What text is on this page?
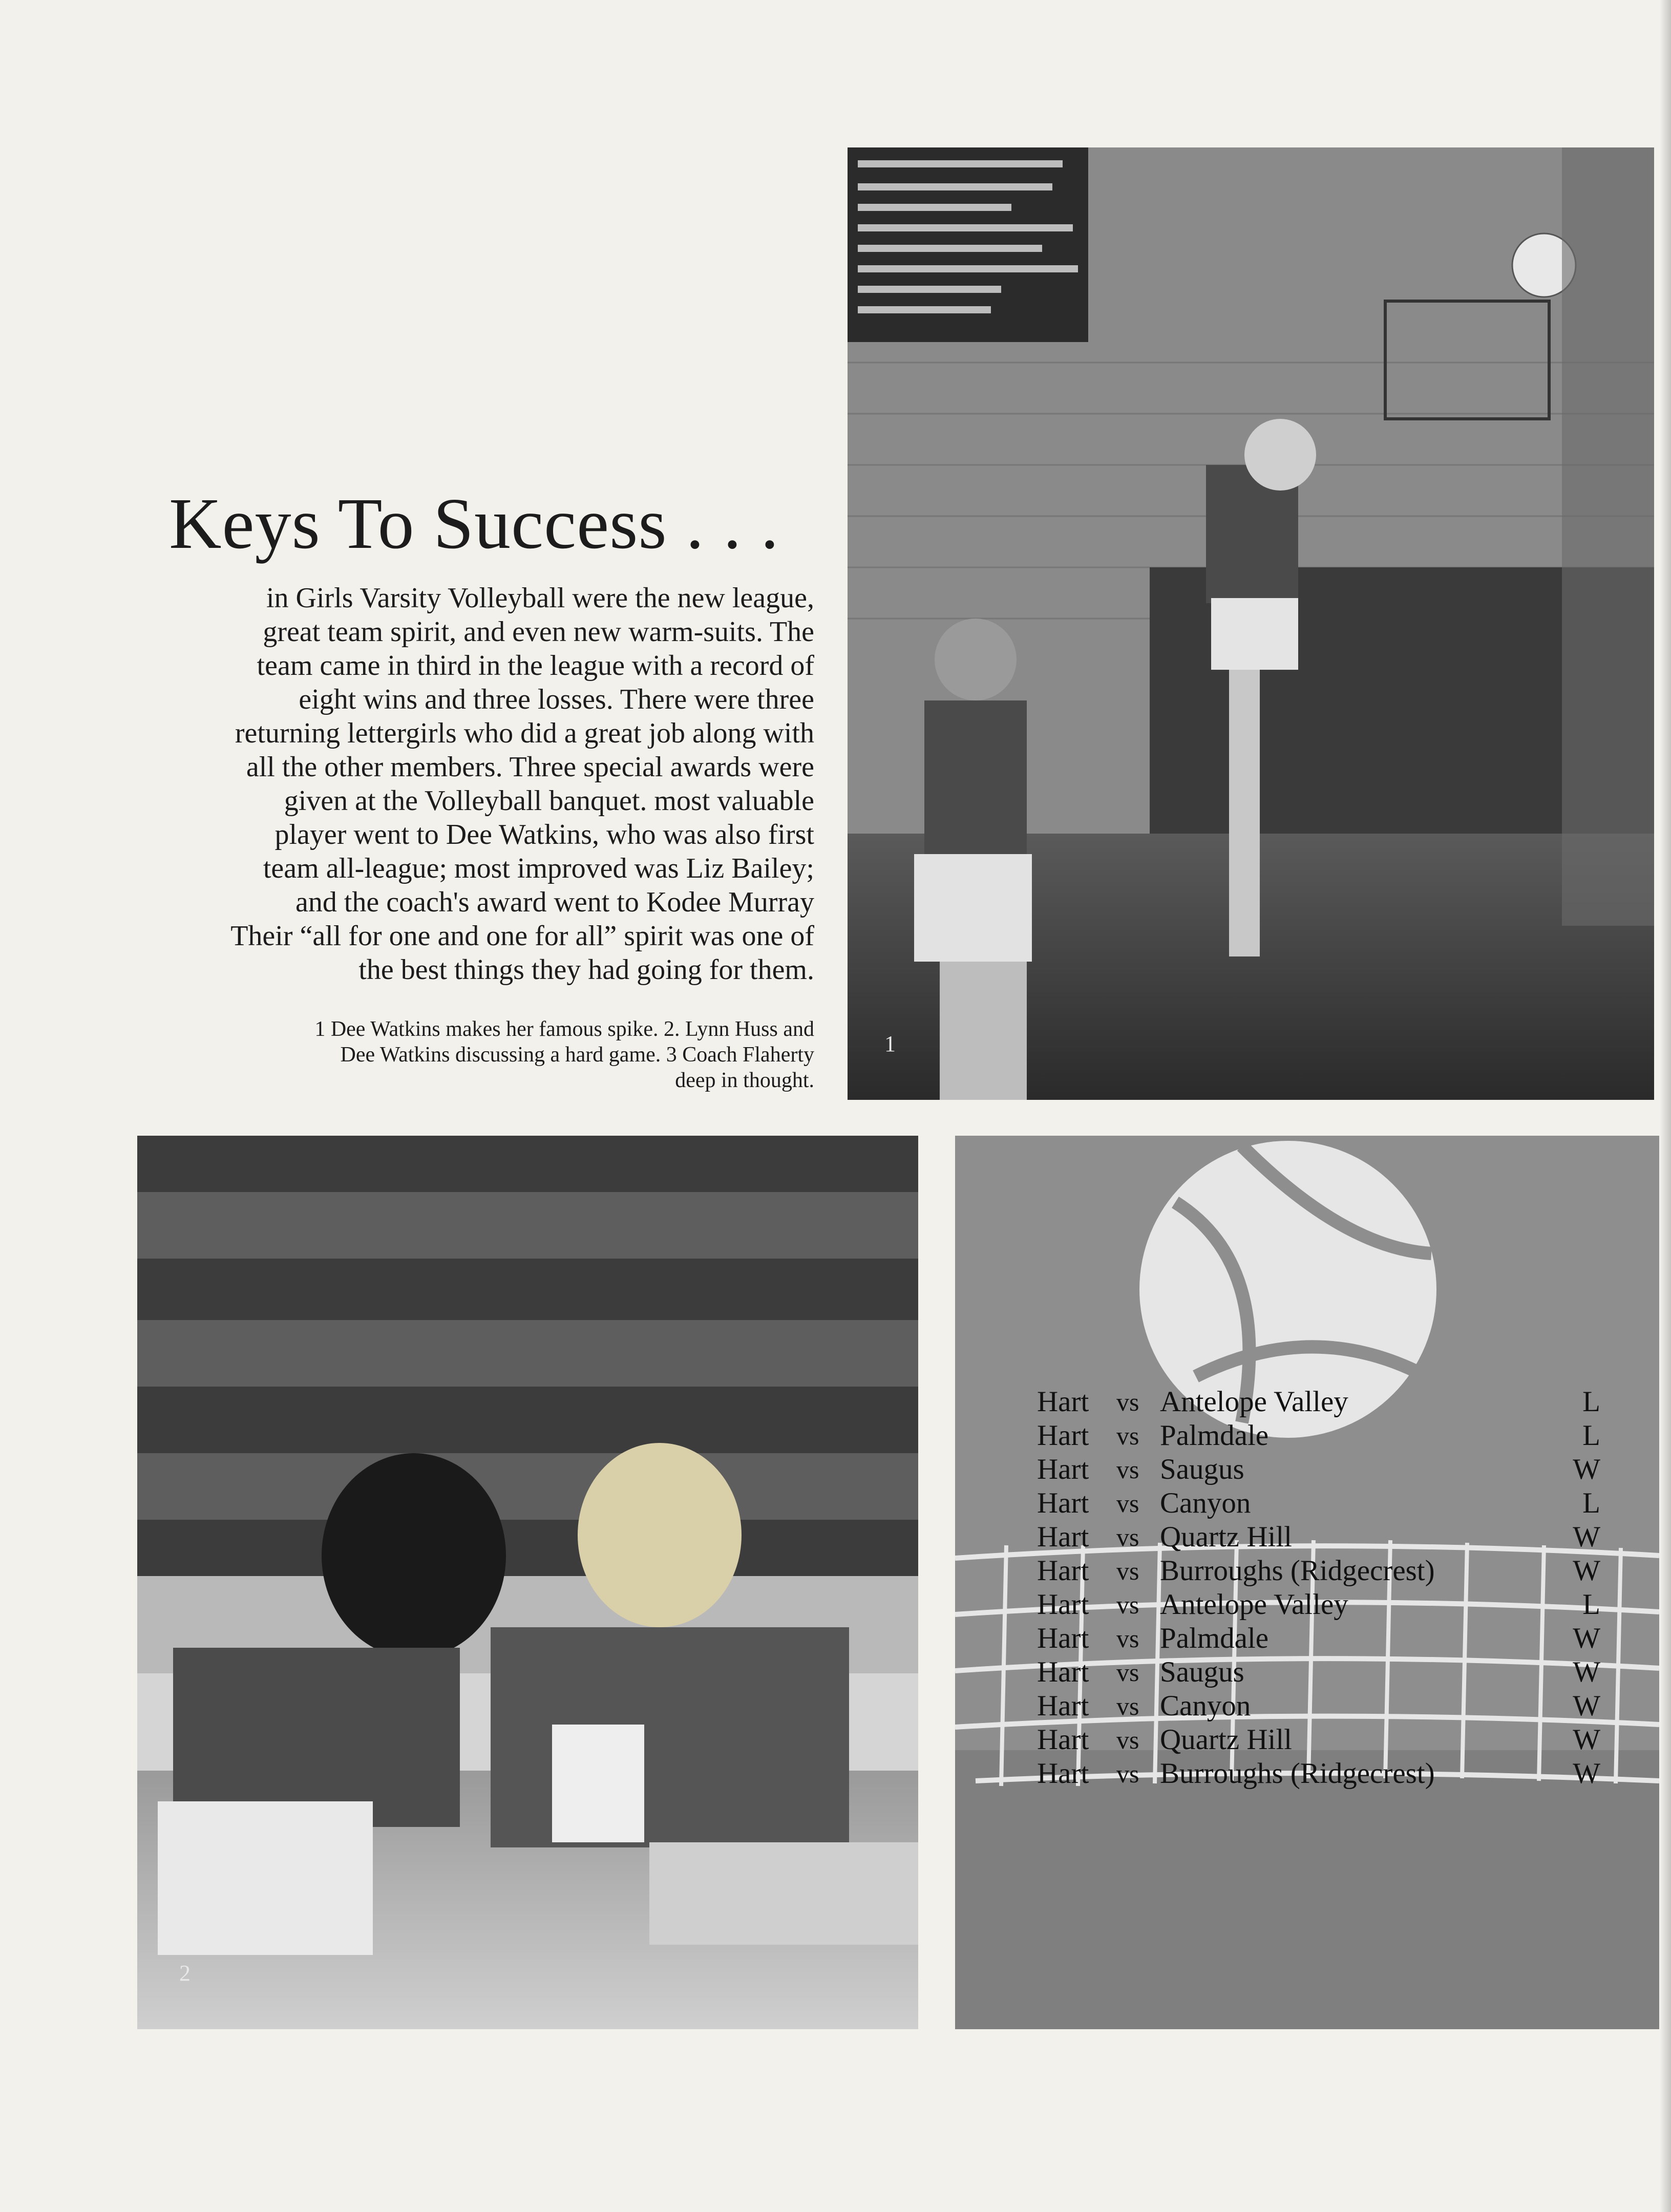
Keys To Success . . .

in Girls Varsity Volleyball were the new league,

great team spirit, and even new warm-suits. The

team came in third in the league with a record of

eight wins and three losses. There were three

returning lettergirls who did a great job along with

all the other members. Three special awards were

given at the Volleyball banquet. most valuable

player went to Dee Watkins, who was also first

team all-league; most improved was Liz Bailey;

and the coach's award went to Kodee Murray

Their “all for one and one for all” spirit was one of

the best things they had going for them.

1 Dee Watkins makes her famous spike. 2. Lynn Huss and
Dee Watkins discussing a hard game. 3 Coach Flaherty
deep in thought.
1
2
Hart	vs Antelope Valley	L
Hart	vs Palmdale	L
Hart	vs Saugus	W
Hart	vs Canyon	L
Hart	vs Quartz Hill	W
Hart	vs Burroughs (Ridgecrest)	W
Hart	vs Antelope Valley	L
Hart	vs Palmdale	W
Hart	vs Saugus	W
Hart	vs Canyon	W
Hart	vs Quartz Hill	W
Hart	vs Burroughs (Ridgecrest)	W
